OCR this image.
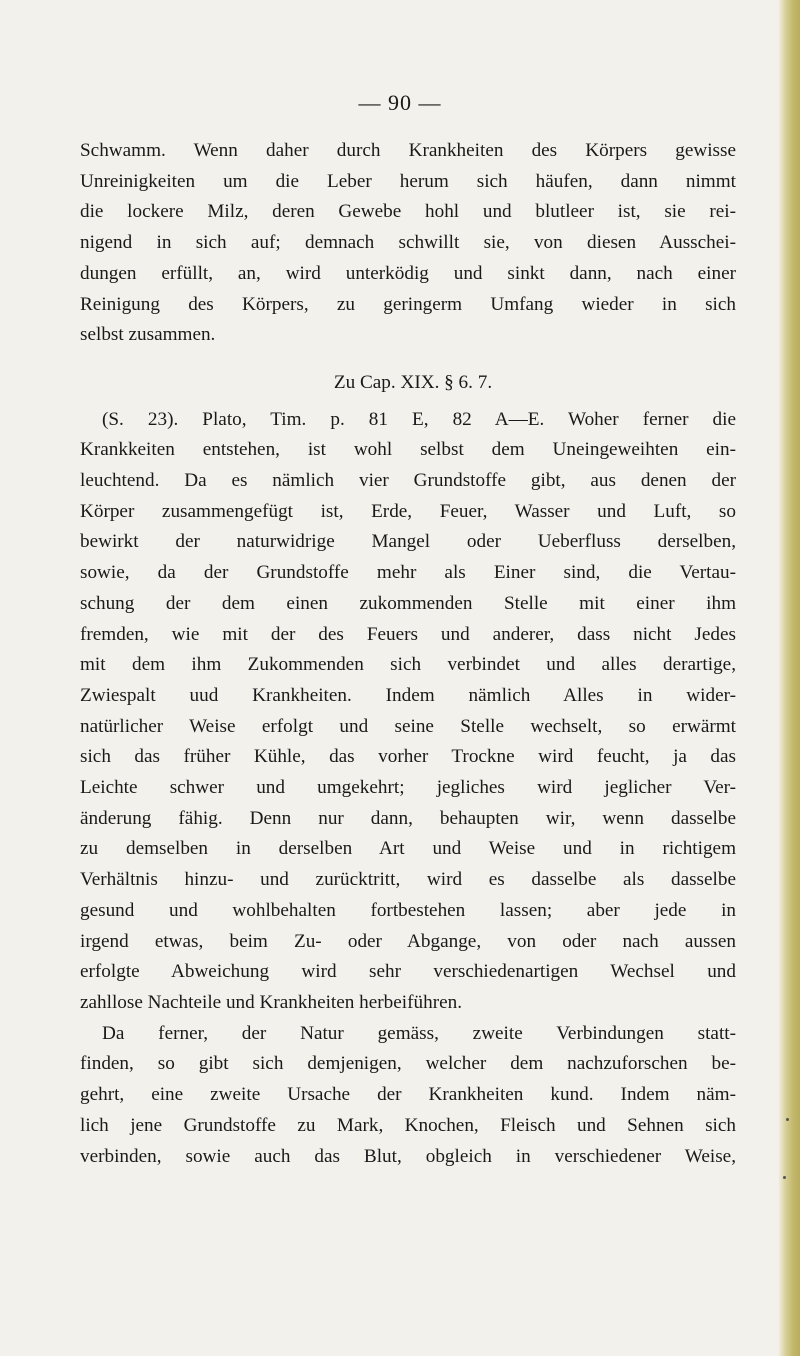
— 90 —
Schwamm. Wenn daher durch Krankheiten des Körpers gewisse
Unreinigkeiten um die Leber herum sich häufen, dann nimmt
die lockere Milz, deren Gewebe hohl und blutleer ist, sie rei-
nigend in sich auf; demnach schwillt sie, von diesen Ausschei-
dungen erfüllt, an, wird unterködig und sinkt dann, nach einer
Reinigung des Körpers, zu geringerm Umfang wieder in sich
selbst zusammen.
Zu Cap. XIX. § 6. 7.
(S. 23). Plato, Tim. p. 81 E, 82 A—E. Woher ferner die
Krankkeiten entstehen, ist wohl selbst dem Uneingeweihten ein-
leuchtend. Da es nämlich vier Grundstoffe gibt, aus denen der
Körper zusammengefügt ist, Erde, Feuer, Wasser und Luft, so
bewirkt der naturwidrige Mangel oder Ueberfluss derselben,
sowie, da der Grundstoffe mehr als Einer sind, die Vertau-
schung der dem einen zukommenden Stelle mit einer ihm
fremden, wie mit der des Feuers und anderer, dass nicht Jedes
mit dem ihm Zukommenden sich verbindet und alles derartige,
Zwiespalt uud Krankheiten. Indem nämlich Alles in wider-
natürlicher Weise erfolgt und seine Stelle wechselt, so erwärmt
sich das früher Kühle, das vorher Trockne wird feucht, ja das
Leichte schwer und umgekehrt; jegliches wird jeglicher Ver-
änderung fähig. Denn nur dann, behaupten wir, wenn dasselbe
zu demselben in derselben Art und Weise und in richtigem
Verhältnis hinzu- und zurücktritt, wird es dasselbe als dasselbe
gesund und wohlbehalten fortbestehen lassen; aber jede in
irgend etwas, beim Zu- oder Abgange, von oder nach aussen
erfolgte Abweichung wird sehr verschiedenartigen Wechsel und
zahllose Nachteile und Krankheiten herbeiführen.
Da ferner, der Natur gemäss, zweite Verbindungen statt-
finden, so gibt sich demjenigen, welcher dem nachzuforschen be-
gehrt, eine zweite Ursache der Krankheiten kund. Indem näm-
lich jene Grundstoffe zu Mark, Knochen, Fleisch und Sehnen sich
verbinden, sowie auch das Blut, obgleich in verschiedener Weise,
